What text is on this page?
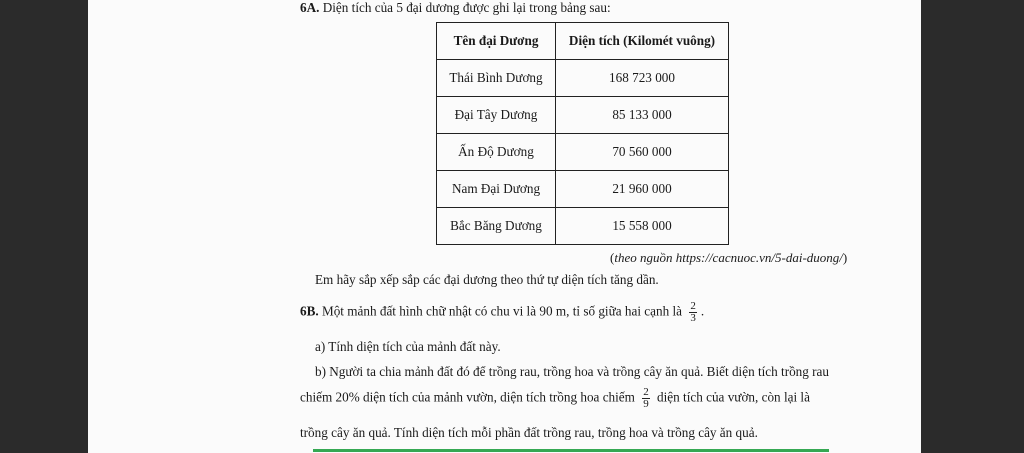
6A. Diện tích của 5 đại dương được ghi lại trong bảng sau:
Tên đại Dương	Diện tích (Kilomét vuông)
Thái Bình Dương	168 723 000
Đại Tây Dương	85 133 000
Ấn Độ Dương	70 560 000
Nam Đại Dương	21 960 000
Bắc Băng Dương	15 558 000
(theo nguồn https://cacnuoc.vn/5-dai-duong/)
Em hãy sắp xếp sắp các đại dương theo thứ tự diện tích tăng dần.
6B. Một mảnh đất hình chữ nhật có chu vi là 90 m, tỉ số giữa hai cạnh là $\frac{2}{3}$ .
a) Tính diện tích của mảnh đất này.
b) Người ta chia mảnh đất đó để trồng rau, trồng hoa và trồng cây ăn quả. Biết diện tích trồng rau
chiếm 20% diện tích của mảnh vườn, diện tích trồng hoa chiếm $\frac{2}{9}$ diện tích của vườn, còn lại là
trồng cây ăn quả. Tính diện tích mỗi phần đất trồng rau, trồng hoa và trồng cây ăn quả.
